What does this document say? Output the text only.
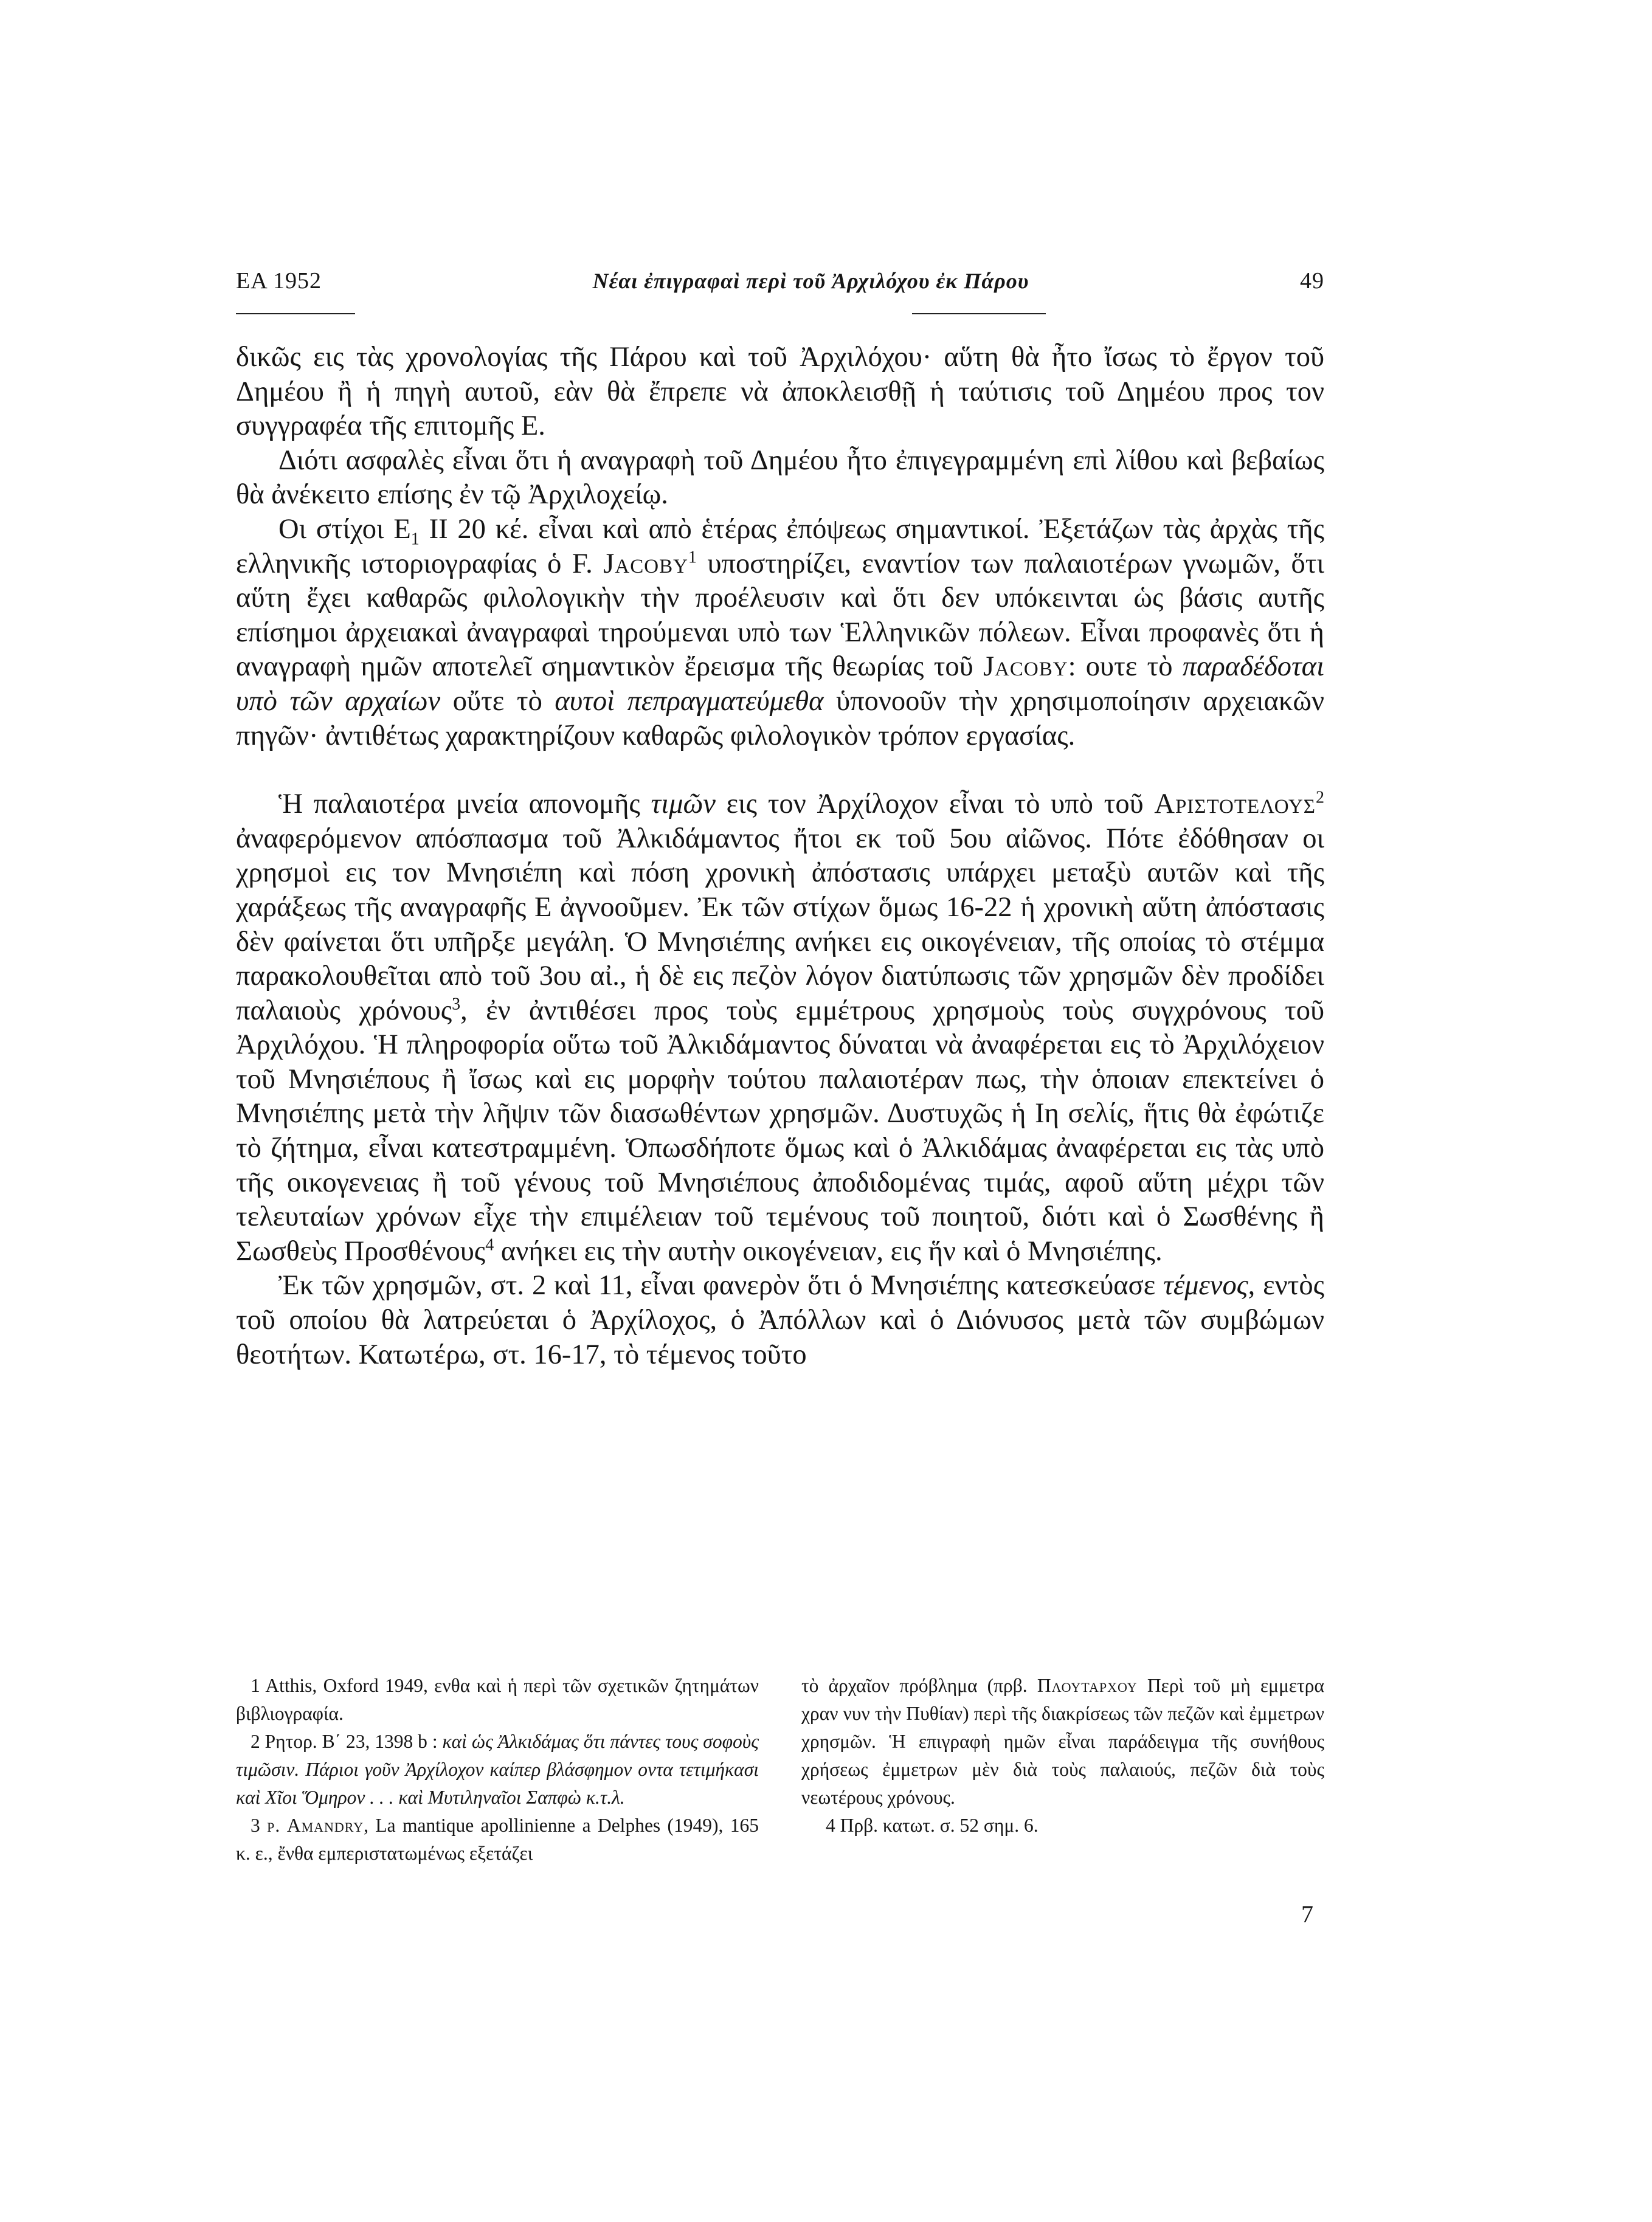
ΕΑ 1952	Νέαι ἐπιγραφαὶ περὶ τοῦ Ἀρχιλόχου ἐκ Πάρου	49

δικῶς εις τὰς χρονολογίας τῆς Πάρου καὶ τοῦ Ἀρχιλόχου· αὕτη θὰ ἦτο ἴσως τὸ ἔργον τοῦ Δημέου ἢ ἡ πηγὴ αυτοῦ, εὰν θὰ ἔπρεπε νὰ ἀποκλεισθῇ ἡ ταύτισις τοῦ Δημέου προς τον συγγραφέα τῆς επιτομῆς Ε.

Διότι ασφαλὲς εἶναι ὅτι ἡ αναγραφὴ τοῦ Δημέου ἦτο ἐπιγεγραμμένη επὶ λίθου καὶ βεβαίως θὰ ἀνέκειτο επίσης ἐν τῷ Ἀρχιλοχείῳ.

Οι στίχοι $E_1$ ΙΙ 20 κέ. εἶναι καὶ απὸ ἑτέρας ἐπόψεως σημαντικοί. Ἐξετάζων τὰς ἀρχὰς τῆς ελληνικῆς ιστοριογραφίας ὁ F. Jacoby$^1$ υποστηρίζει, εναντίον των παλαιοτέρων γνωμῶν, ὅτι αὕτη ἔχει καθαρῶς φιλολογικὴν τὴν προέλευσιν καὶ ὅτι δεν υπόκεινται ὡς βάσις αυτῆς επίσημοι ἀρχειακαὶ ἀναγραφαὶ τηρούμεναι υπὸ των Ἑλληνικῶν πόλεων. Εἶναι προφανὲς ὅτι ἡ αναγραφὴ ημῶν αποτελεῖ σημαντικὸν ἔρεισμα τῆς θεωρίας τοῦ Jacoby: ουτε τὸ παραδέδοται υπὸ τῶν αρχαίων οὔτε τὸ αυτοὶ πεπραγματεύμεθα ὑπονοοῦν τὴν χρησιμοποίησιν αρχειακῶν πηγῶν· ἀντιθέτως χαρακτηρίζουν καθαρῶς φιλολογικὸν τρόπον εργασίας.

Ἡ παλαιοτέρα μνεία απονομῆς τιμῶν εις τον Ἀρχίλοχον εἶναι τὸ υπὸ τοῦ Αριστοτελους$^2$ ἀναφερόμενον απόσπασμα τοῦ Ἀλκιδάμαντος ἤτοι εκ τοῦ 5ου αἰῶνος. Πότε ἐδόθησαν οι χρησμοὶ εις τον Μνησιέπη καὶ πόση χρονικὴ ἀπόστασις υπάρχει μεταξὺ αυτῶν καὶ τῆς χαράξεως τῆς αναγραφῆς Ε ἀγνοοῦμεν. Ἐκ τῶν στίχων ὅμως 16-22 ἡ χρονικὴ αὕτη ἀπόστασις δὲν φαίνεται ὅτι υπῆρξε μεγάλη. Ὁ Μνησιέπης ανήκει εις οικογένειαν, τῆς οποίας τὸ στέμμα παρακολουθεῖται απὸ τοῦ 3ου αἰ., ἡ δὲ εις πεζὸν λόγον διατύπωσις τῶν χρησμῶν δὲν προδίδει παλαιοὺς χρόνους$^3$, ἐν ἀντιθέσει προς τοὺς εμμέτρους χρησμοὺς τοὺς συγχρόνους τοῦ Ἀρχιλόχου. Ἡ πληροφορία οὕτω τοῦ Ἀλκιδάμαντος δύναται νὰ ἀναφέρεται εις τὸ Ἀρχιλόχειον τοῦ Μνησιέπους ἢ ἴσως καὶ εις μορφὴν τούτου παλαιοτέραν πως, τὴν ὁποιαν επεκτείνει ὁ Μνησιέπης μετὰ τὴν λῆψιν τῶν διασωθέντων χρησμῶν. Δυστυχῶς ἡ Ιη σελίς, ἥτις θὰ ἐφώτιζε τὸ ζήτημα, εἶναι κατεστραμμένη. Ὁπωσδήποτε ὅμως καὶ ὁ Ἀλκιδάμας ἀναφέρεται εις τὰς υπὸ τῆς οικογενειας ἢ τοῦ γένους τοῦ Μνησιέπους ἀποδιδομένας τιμάς, αφοῦ αὕτη μέχρι τῶν τελευταίων χρόνων εἶχε τὴν επιμέλειαν τοῦ τεμένους τοῦ ποιητοῦ, διότι καὶ ὁ Σωσθένης ἢ Σωσθεὺς Προσθένους$^4$ ανήκει εις τὴν αυτὴν οικογένειαν, εις ἥν καὶ ὁ Μνησιέπης.

Ἐκ τῶν χρησμῶν, στ. 2 καὶ 11, εἶναι φανερὸν ὅτι ὁ Μνησιέπης κατεσκεύασε τέμενος, εντὸς τοῦ οποίου θὰ λατρεύεται ὁ Ἀρχίλοχος, ὁ Ἀπόλλων καὶ ὁ Διόνυσος μετὰ τῶν συμβώμων θεοτήτων. Κατωτέρω, στ. 16-17, τὸ τέμενος τοῦτο

1 Atthis, Oxford 1949, ενθα καὶ ἡ περὶ τῶν σχετικῶν ζητημάτων βιβλιογραφία.

2 Ρητορ. Β΄ 23, 1398 b : καὶ ὡς Ἀλκιδάμας ὅτι πάντες τους σοφοὺς τιμῶσιν. Πάριοι γοῦν Ἀρχίλοχον καίπερ βλάσφημον οντα τετιμήκασι καὶ Χῖοι Ὅμηρον . . . καὶ Μυτιληναῖοι Σαπφὼ κ.τ.λ.

3 p. Amandry, La mantique apollinienne a Delphes (1949), 165 κ. ε., ἔνθα εμπεριστατωμένως εξετάζει

τὸ ἀρχαῖον πρόβλημα (πρβ. Πλουταρχου Περὶ τοῦ μὴ εμμετρα χραν νυν τὴν Πυθίαν) περὶ τῆς διακρίσεως τῶν πεζῶν καὶ ἐμμετρων χρησμῶν. Ἡ επιγραφὴ ημῶν εἶναι παράδειγμα τῆς συνήθους χρήσεως ἐμμετρων μὲν διὰ τοὺς παλαιούς, πεζῶν διὰ τοὺς νεωτέρους χρόνους.

4 Πρβ. κατωτ. σ. 52 σημ. 6.

7
